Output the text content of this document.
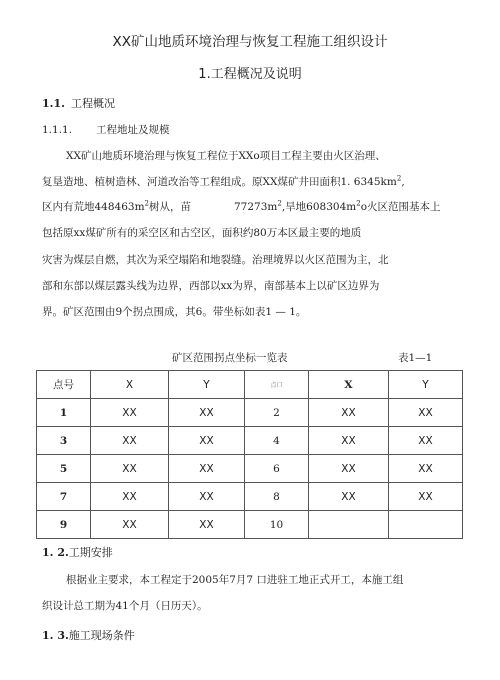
XX矿山地质环境治理与恢复工程施工组织设计
1.工程概况及说明
1.1. 工程概况
1.1.1. 工程地址及规模
XX矿山地质环境治理与恢复工程位于XXo项目工程主要由火区治理、
复垦造地、植树造林、河道改治等工程组成。原XX煤矿井田面积1. $6345km^2$,
区内有荒地$448463m^2$树从，苗	$77273m^2$,旱地$608304m^2o$火区范围基本上
包括原xx煤矿所有的采空区和古空区，面积约80万本区最主要的地质
灾害为煤层自燃，其次为采空塌陷和地裂缝。治理境界以火区范围为主，北
部和东部以煤层露头线为边界，西部以xx为界，南部基本上以矿区边界为
界。矿区范围由9个拐点围成，其6。带坐标如表1 — 1。
矿区范围拐点坐标一览表	表1—1
点号	X	Y	点口	X	Y
1	XX	XX	2	XX	XX
3	XX	XX	4	XX	XX
5	XX	XX	6	XX	XX
7	XX	XX	8	XX	XX
9	XX	XX	10		
1. 2.工期安排
根据业主要求，本工程定于2005年7月7 口进驻工地正式开工，本施工组
织设计总工期为41个月（日历天）。
1. 3.施工现场条件
